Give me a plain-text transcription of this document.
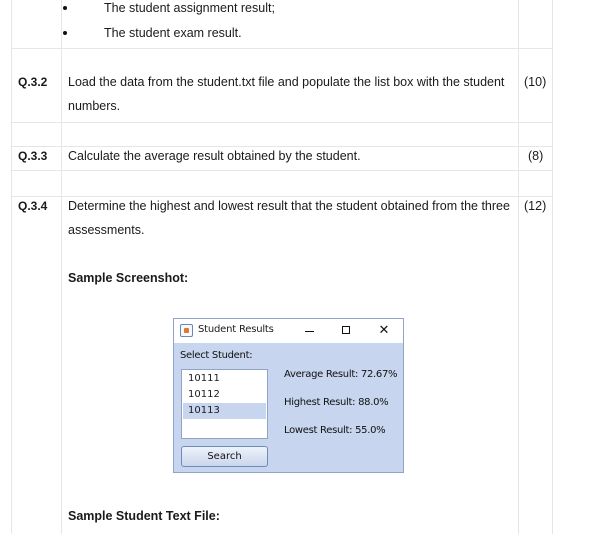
The student assignment result;
The student exam result.
Q.3.2 Load the data from the student.txt file and populate the list box with the student
numbers.
(10)
Q.3.3 Calculate the average result obtained by the student.	(8)
Q.3.4 Determine the highest and lowest result that the student obtained from the three
assessments.
(12)
Sample Screenshot:
Sample Student Text File:
Student Results	✕
Select Student:
10111
10112
10113
Average Result: 72.67%
Highest Result: 88.0%
Lowest Result: 55.0%
Search
